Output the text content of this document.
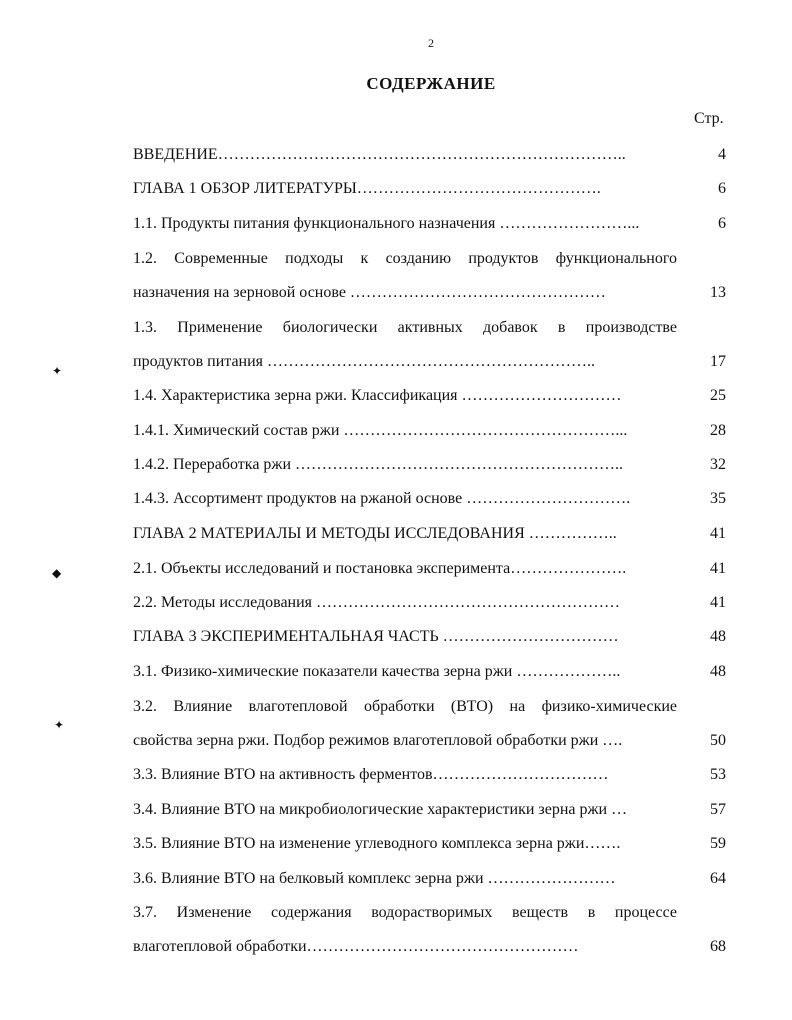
2
СОДЕРЖАНИЕ
Стр.
✦
◆
✦
ВВЕДЕНИЕ…………………………………………………………………..	4
ГЛАВА 1 ОБЗОР ЛИТЕРАТУРЫ……………………………………….	6
1.1. Продукты питания функционального назначения ……………………...	6
1.2. Современные подходы к созданию продуктов функционального
назначения на зерновой основе …………………………………………	13
1.3. Применение биологически активных добавок в производстве
продуктов питания ……………………………………………………..	17
1.4. Характеристика зерна ржи. Классификация …………………………	25
1.4.1. Химический состав ржи ……………………………………………...	28
1.4.2. Переработка ржи ……………………………………………………..	32
1.4.3. Ассортимент продуктов на ржаной основе ………………………….	35
ГЛАВА 2 МАТЕРИАЛЫ И МЕТОДЫ ИССЛЕДОВАНИЯ ……………..	41
2.1. Объекты исследований и постановка эксперимента………………….	41
2.2. Методы исследования …………………………………………………	41
ГЛАВА 3 ЭКСПЕРИМЕНТАЛЬНАЯ ЧАСТЬ ……………………………	48
3.1. Физико-химические показатели качества зерна ржи ………………..	48
3.2. Влияние влаготепловой обработки (ВТО) на физико-химические
свойства зерна ржи. Подбор режимов влаготепловой обработки ржи ….	50
3.3. Влияние ВТО на активность ферментов……………………………	53
3.4. Влияние ВТО на микробиологические характеристики зерна ржи …	57
3.5. Влияние ВТО на изменение углеводного комплекса зерна ржи…….	59
3.6. Влияние ВТО на белковый комплекс зерна ржи ……………………	64
3.7. Изменение содержания водорастворимых веществ в процессе
влаготепловой обработки……………………………………………	68
